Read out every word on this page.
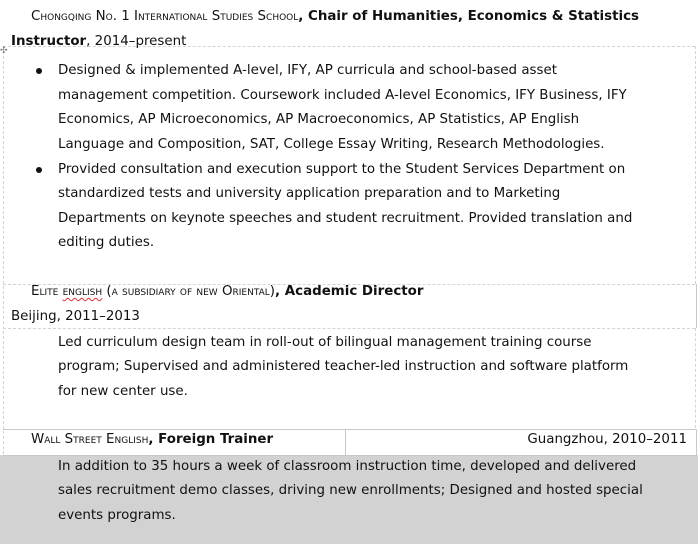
✣
Chongqing No. 1 International Studies School, Chair of Humanities, Economics & Statistics
Instructor, 2014–present
Designed & implemented A-level, IFY, AP curricula and school-based asset
management competition. Coursework included A-level Economics, IFY Business, IFY
Economics, AP Microeconomics, AP Macroeconomics, AP Statistics, AP English
Language and Composition, SAT, College Essay Writing, Research Methodologies.
Provided consultation and execution support to the Student Services Department on
standardized tests and university application preparation and to Marketing
Departments on keynote speeches and student recruitment. Provided translation and
editing duties.
Elite english (a subsidiary of new Oriental), Academic Director
Beijing, 2011–2013
Led curriculum design team in roll-out of bilingual management training course
program; Supervised and administered teacher-led instruction and software platform
for new center use.
Wall Street English, Foreign Trainer	Guangzhou, 2010–2011
In addition to 35 hours a week of classroom instruction time, developed and delivered
sales recruitment demo classes, driving new enrollments; Designed and hosted special
events programs.
